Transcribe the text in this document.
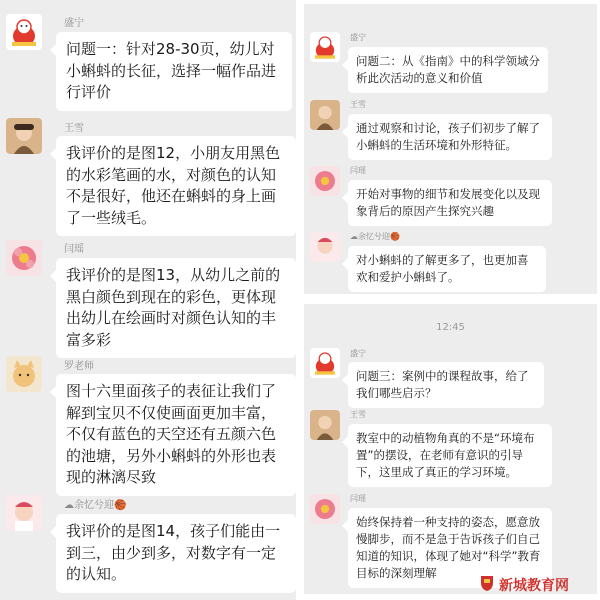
盛宁
问题一：针对28-30页，幼儿对小蝌蚪的长征，选择一幅作品进行评价
王雪
我评价的是图12，小朋友用黑色的水彩笔画的水，对颜色的认知不是很好，他还在蝌蚪的身上画了一些绒毛。
闫瑶
我评价的是图13，从幼儿之前的黑白颜色到现在的彩色，更体现出幼儿在绘画时对颜色认知的丰富多彩
罗老师
图十六里面孩子的表征让我们了解到宝贝不仅使画面更加丰富，不仅有蓝色的天空还有五颜六色的池塘，另外小蝌蚪的外形也表现的淋漓尽致
☁余忆兮迎🏀
我评价的是图14，孩子们能由一到三，由少到多，对数字有一定的认知。
盛宁
问题二：从《指南》中的科学领域分析此次活动的意义和价值
王雪
通过观察和讨论，孩子们初步了解了小蝌蚪的生活环境和外形特征。
闫瑶
开始对事物的细节和发展变化以及现象背后的原因产生探究兴趣
☁余忆兮迎🏀
对小蝌蚪的了解更多了，也更加喜欢和爱护小蝌蚪了。
12:45
盛宁
问题三：案例中的课程故事，给了我们哪些启示？
王雪
教室中的动植物角真的不是“环境布置”的摆设，在老师有意识的引导下，这里成了真正的学习环境。
闫瑶
始终保持着一种支持的姿态，愿意放慢脚步，而不是急于告诉孩子们自己知道的知识，体现了她对“科学”教育目标的深刻理解
新城教育网
